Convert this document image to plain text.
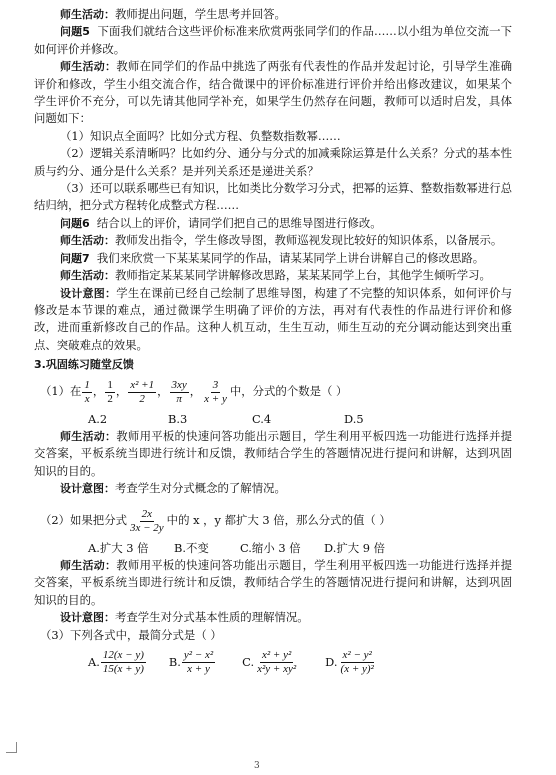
师生活动：教师提出问题，学生思考并回答。

问题5 下面我们就结合这些评价标准来欣赏两张同学们的作品……以小组为单位交流一下如何评价并修改。

师生活动：教师在同学们的作品中挑选了两张有代表性的作品并发起讨论，引导学生准确评价和修改，学生小组交流合作，结合微课中的评价标准进行评价并给出修改建议，如果某个学生评价不充分，可以先请其他同学补充，如果学生仍然存在问题，教师可以适时启发，具体问题如下：

（1）知识点全面吗？比如分式方程、负整数指数幂……

（2）逻辑关系清晰吗？比如约分、通分与分式的加减乘除运算是什么关系？分式的基本性质与约分、通分是什么关系？是并列关系还是递进关系？

（3）还可以联系哪些已有知识，比如类比分数学习分式，把幂的运算、整数指数幂进行总结归纳，把分式方程转化成整式方程……

问题6 结合以上的评价，请同学们把自己的思维导图进行修改。

师生活动：教师发出指令，学生修改导图，教师巡视发现比较好的知识体系，以备展示。

问题7 我们来欣赏一下某某某同学的作品，请某某同学上讲台讲解自己的修改思路。

师生活动：教师指定某某某同学讲解修改思路，某某某同学上台，其他学生倾听学习。

设计意图：学生在课前已经自己绘制了思维导图，构建了不完整的知识体系，如何评价与修改是本节课的难点，通过微课学生明确了评价的方法，再对有代表性的作品进行评价和修改，进而重新修改自己的作品。这种人机互动，生生互动，师生互动的充分调动能达到突出重点、突破难点的效果。

3.巩固练习随堂反馈

（1）在 $\frac{1}{x}$ ， $\frac{1}{2}$ ， $\frac{\text{x² +1}}{2}$ ， $\frac{3xy}{\pi}$ ， $\frac{3}{x + y}$ 中，分式的个数是（ ）
A.2	B.3	C.4	D.5

师生活动：教师用平板的快速问答功能出示题目，学生利用平板四选一功能进行选择并提交答案，平板系统当即进行统计和反馈，教师结合学生的答题情况进行提问和讲解，达到巩固知识的目的。

设计意图：考查学生对分式概念的了解情况。

（2）如果把分式 $\frac{2x}{3x - 2y}$ 中的 x ，y 都扩大 3 倍，那么分式的值（ ）
A.扩大 3 倍	B.不变	C.缩小 3 倍	D.扩大 9 倍

师生活动：教师用平板的快速问答功能出示题目，学生利用平板四选一功能进行选择并提交答案，平板系统当即进行统计和反馈，教师结合学生的答题情况进行提问和讲解，达到巩固知识的目的。

设计意图：考查学生对分式基本性质的理解情况。

（3）下列各式中，最简分式是（ ）

A. $\frac{12(x - y)}{15(x + y)} B$. $\frac{\text{y² − x²}}{x + y} C$. $\frac{\text{x² + y²}}{\text{x²y + xy²}} D$. $\frac{\text{x² − y²}}{\text{(x + y)²}}$
3
